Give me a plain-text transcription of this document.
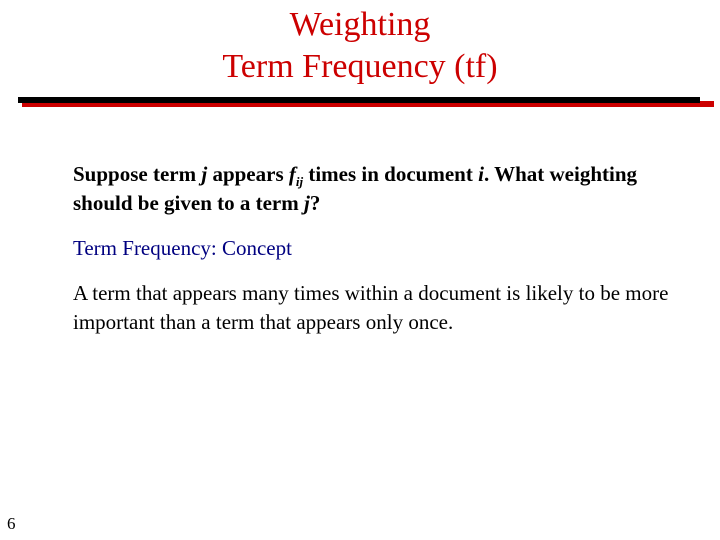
Weighting
Term Frequency (tf)

Suppose term j appears $f_{ij}$ times in document i. What weighting should be given to a term j?

Term Frequency: Concept

A term that appears many times within a document is likely to be more important than a term that appears only once.

6
